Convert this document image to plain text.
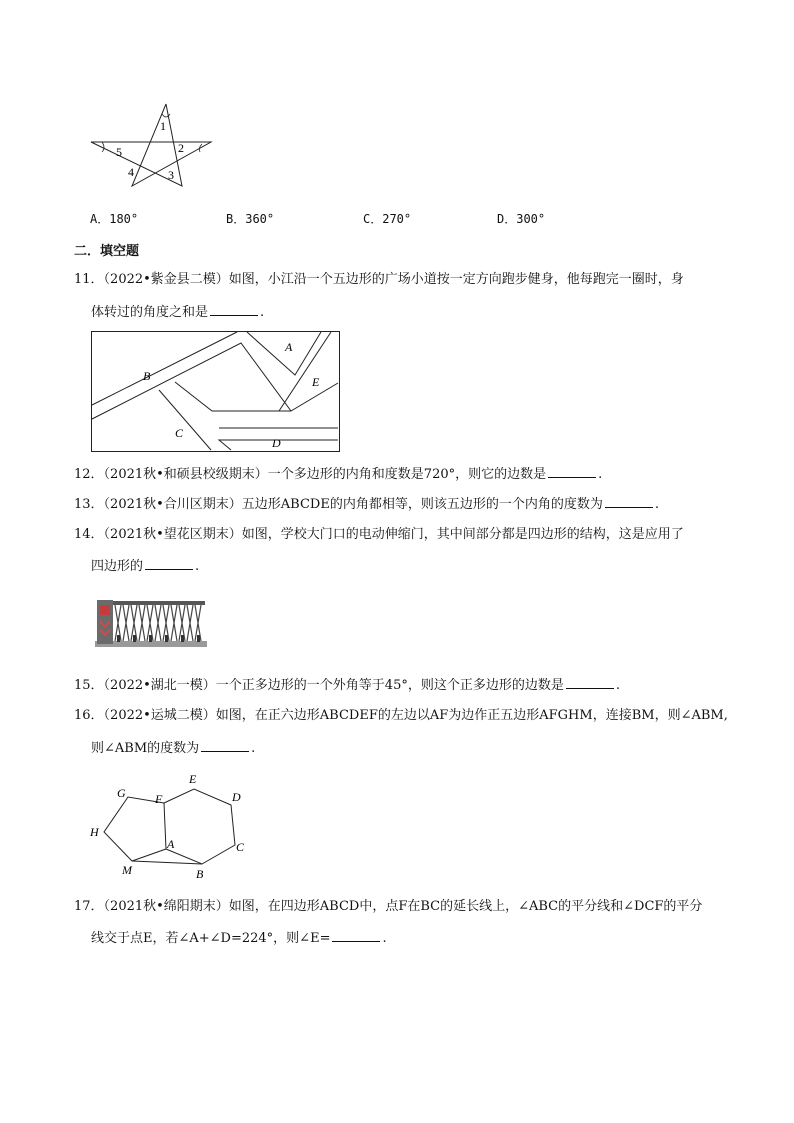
1
2
3
4
5
A．180°	B．360°	C．270°	D．300°
二．填空题
11．（2022•紫金县二模）如图，小江沿一个五边形的广场小道按一定方向跑步健身，他每跑完一圈时，身
体转过的角度之和是	.
A
B
C
D
E
12．（2021秋•和硕县校级期末）一个多边形的内角和度数是720°，则它的边数是	.
13．（2021秋•合川区期末）五边形ABCDE的内角都相等，则该五边形的一个内角的度数为	.
14．（2021秋•望花区期末）如图，学校大门口的电动伸缩门，其中间部分都是四边形的结构，这是应用了
四边形的	.
15．（2022•湖北一模）一个正多边形的一个外角等于45°，则这个正多边形的边数是	.
16．（2022•运城二模）如图，在正六边形ABCDEF的左边以AF为边作正五边形AFGHM，连接BM，则∠ABM,
则∠ABM的度数为	.
G F
E
D
H
A	C
M	B
17．（2021秋•绵阳期末）如图，在四边形ABCD中，点F在BC的延长线上，∠ABC的平分线和∠DCF的平分
线交于点E，若∠A+∠D=224°，则∠E=	.
